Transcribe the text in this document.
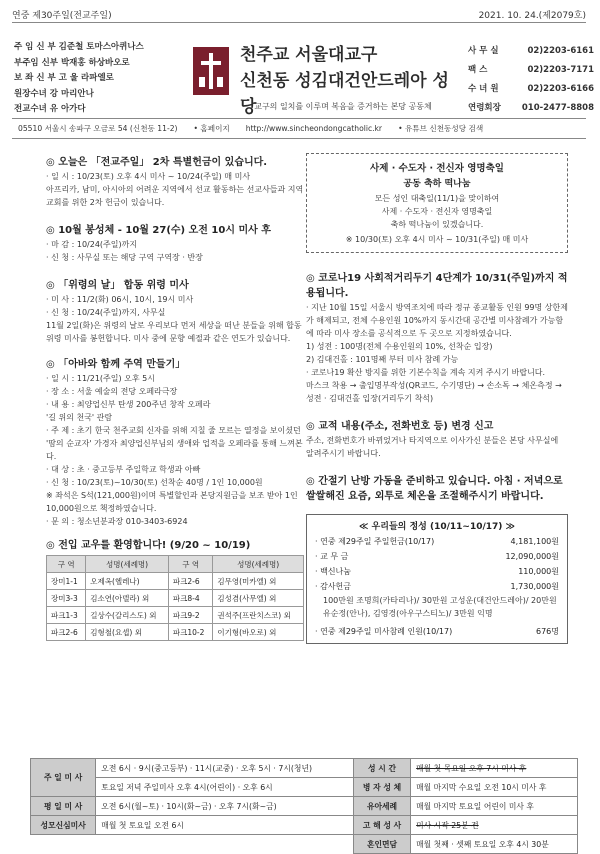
연중 제30주일(전교주일)	2021. 10. 24.(제2079호)
주 임 신 부 김준철 토마스아퀴나스
부주임 신부 박재홍 하상바오로
보 좌 신 부 고 울 라파엘로
원장수녀 강 마리안나
전교수녀 유 아가다
천주교 서울대교구
신천동 성김대건안드레아 성당
교구의 일치를 이루며 복음을 증거하는 본당 공동체
사 무 실	02)2203-6161
팩 스	02)2203-7171
수 녀 원	02)2203-6166
연령회장 010-2477-8808
05510 서울시 송파구 오금로 54 (신천동 11-2) • 홈페이지 http://www.sincheondongcatholic.kr • 유튜브 신천동성당 검색
◎ 오늘은 「전교주일」 2차 특별헌금이 있습니다.
· 일 시 : 10/23(토) 오후 4시 미사 ~ 10/24(주일) 매 미사
아프리카, 남미, 아시아의 어려운 지역에서 선교 활동하는 선교사들과 지역교회를 위한 2차 헌금이 있습니다.
◎ 10월 봉성체 - 10월 27(수) 오전 10시 미사 후
· 마 감 : 10/24(주일)까지
· 신 청 : 사무실 또는 해당 구역 구역장 · 반장
◎ 「위령의 날」 합동 위령 미사
· 미 사 : 11/2(화) 06시, 10시, 19시 미사
· 신 청 : 10/24(주일)까지, 사무실
11월 2일(화)은 위령의 날로 우리보다 먼저 세상을 떠난 분들을 위해 합동 위령 미사를 봉헌합니다. 미사 중에 문향 예절과 같은 연도가 있습니다.
◎ 「아바와 함께 주역 만들기」
· 일 시 : 11/21(주일) 오후 5시
· 장 소 : 서울 예술의 전당 오페라극장
· 내 용 : 최양업신부 탄생 200주년 창작 오페라
'길 위의 천국' 관람
· 주 제 : 초기 한국 천주교회 신자를 위해 지칠 줄 모르는 열정을 보이셨던 '땀의 순교자' 가경자 최양업신부님의 생애와 업적을 오페라를 통해 느껴본다.
· 대 상 : 초 · 중고등부 주일학교 학생과 아빠
· 신 청 : 10/23(토)~10/30(토) 선착순 40명 / 1인 10,000원
※ 좌석은 S석(121,000원)이며 특별할인과 본당지원금을 보조 받아 1인 10,000원으로 책정하였습니다.
· 문 의 : 청소년분과장 010-3403-6924
◎ 전입 교우를 환영합니다! (9/20 ~ 10/19)
구 역	성명(세례명)	구 역	성명(세례명)
장미1-1	오제옥(헬레나)	파크2-6	김무영(미카엘) 외
장미3-3	김소연(아델라) 외	파크8-4	김성겸(사무엘) 외
파크1-3	길상수(갈리스도) 외	파크9-2	권석주(프란치스코) 외
파크2-6	김형철(요셉) 외	파크10-2	이기형(바오로) 외
사제 · 수도자 · 전신자 영명축일
공동 축하 떡나눔
모든 성인 대축일(11/1)을 맞이하여
사제 · 수도자 · 전신자 영명축일
축하 떡나눔이 있겠습니다.
※ 10/30(토) 오후 4시 미사 ~ 10/31(주일) 매 미사
◎ 코로나19 사회적거리두기 4단계가 10/31(주일)까지 적용됩니다.
· 지난 10월 15일 서울시 방역조치에 따라 정규 종교활동 인원 99명 상한제가 해제되고, 전체 수용인원 10%까지 동시간대 공간별 미사참례가 가능함에 따라 미사 장소를 공식적으로 두 곳으로 지정하였습니다.
1) 성전 : 100명(전체 수용인원의 10%, 선착순 입장)
2) 김대건홀 : 101명째 부터 미사 참례 가능
· 코로나19 확산 방지를 위한 기본수칙을 계속 지켜 주시기 바랍니다.
마스크 착용 → 출입명부작성(QR코드, 수기명단) → 손소독 → 체온측정 → 성전 · 김대건홀 입장(거리두기 착석)
◎ 교적 내용(주소, 전화번호 등) 변경 신고
주소, 전화번호가 바뀌었거나 타지역으로 이사가신 분들은 본당 사무실에 알려주시기 바랍니다.
◎ 간절기 난방 가동을 준비하고 있습니다. 아침 · 저녁으로 쌀쌀해진 요즘, 외투로 체온을 조절해주시기 바랍니다.
≪ 우리들의 정성 (10/11~10/17) ≫
· 연중 제29주일 주일헌금(10/17)	4,181,100원
· 교 무 금	12,090,000원
· 백신나눔	110,000원
· 감사헌금	1,730,000원
100만원 조명희(카타리나)/ 30만원 고성운(대건안드레아)/ 20만원 유순정(안나), 김영경(아우구스티노)/ 3만원 익명
· 연중 제29주일 미사참례 인원(10/17)	676명
주 일 미 사	오전 6시 · 9시(중고등부) · 11시(교중) · 오후 5시 · 7시(청년)	성 시 간	매월 첫 목요일 오후 7시 미사 후
	토요일 저녁 주일미사 오후 4시(어린이) · 오후 6시	병 자 성 체	매월 마지막 수요일 오전 10시 미사 후
평 일 미 사	오전 6시(월~토) · 10시(화~금) · 오후 7시(화~금)	유아세례	매월 마지막 토요일 어린이 미사 후
성모신심미사	매월 첫 토요일 오전 6시	고 해 성 사	미사 시작 25분 전
		혼인면담	매월 첫째 · 셋째 토요일 오후 4시 30분
